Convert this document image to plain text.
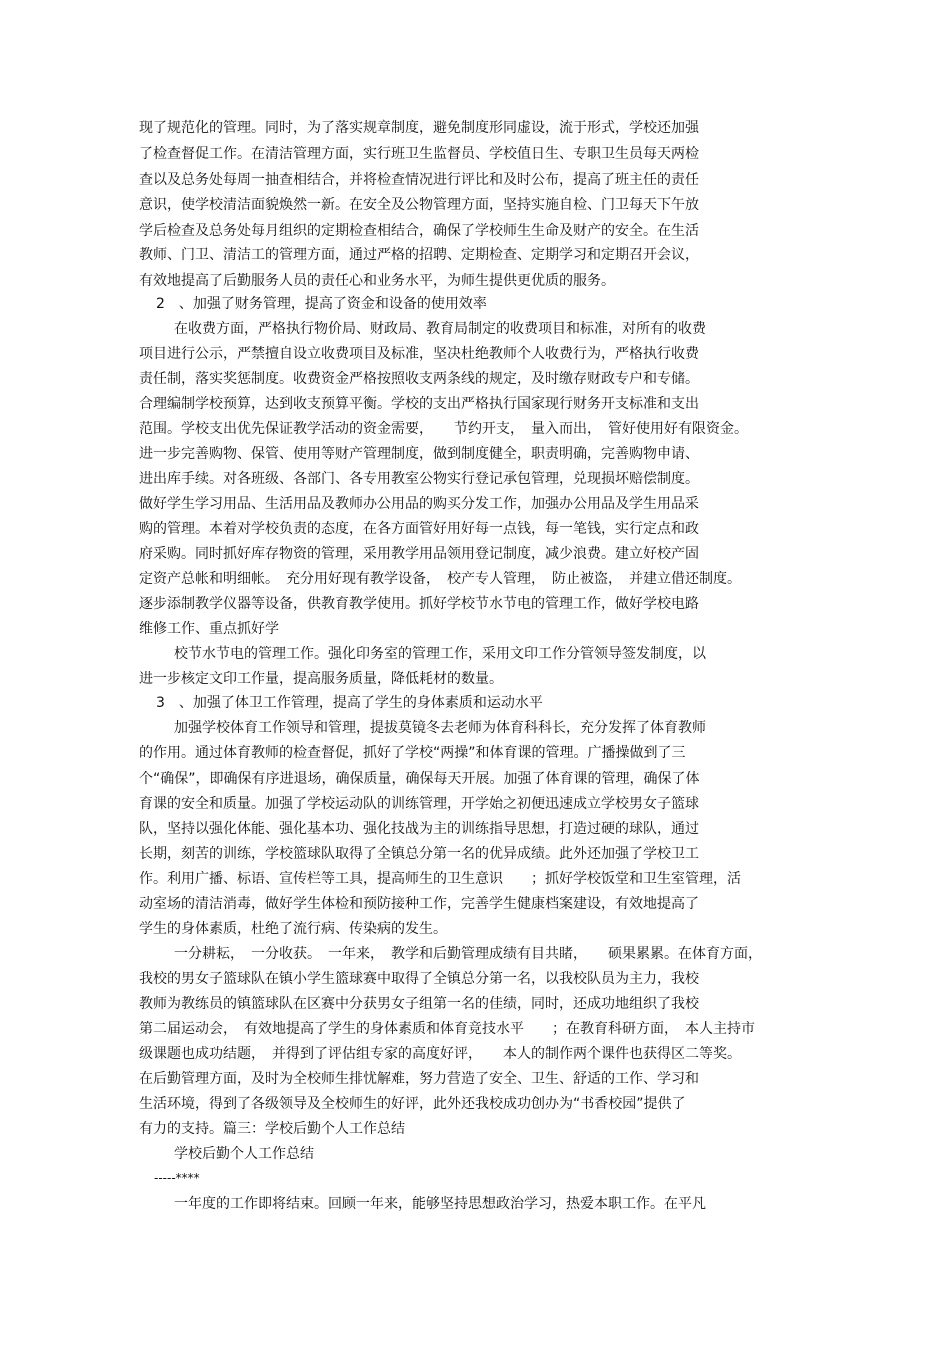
现了规范化的管理。同时，为了落实规章制度，避免制度形同虚设，流于形式，学校还加强
了检查督促工作。在清洁管理方面，实行班卫生监督员、学校值日生、专职卫生员每天两检
查以及总务处每周一抽查相结合，并将检查情况进行评比和及时公布，提高了班主任的责任
意识，使学校清洁面貌焕然一新。在安全及公物管理方面，坚持实施自检、门卫每天下午放
学后检查及总务处每月组织的定期检查相结合，确保了学校师生生命及财产的安全。在生活
教师、门卫、清洁工的管理方面，通过严格的招聘、定期检查、定期学习和定期召开会议，
有效地提高了后勤服务人员的责任心和业务水平，为师生提供更优质的服务。
2　、加强了财务管理，提高了资金和设备的使用效率
在收费方面，严格执行物价局、财政局、教育局制定的收费项目和标准，对所有的收费
项目进行公示，严禁擅自设立收费项目及标准，坚决杜绝教师个人收费行为，严格执行收费
责任制，落实奖惩制度。收费资金严格按照收支两条线的规定，及时缴存财政专户和专储。
合理编制学校预算，达到收支预算平衡。学校的支出严格执行国家现行财务开支标准和支出
范围。学校支出优先保证教学活动的资金需要，　　节约开支，　量入而出，　管好使用好有限资金。
进一步完善购物、保管、使用等财产管理制度，做到制度健全，职责明确，完善购物申请、
进出库手续。对各班级、各部门、各专用教室公物实行登记承包管理，兑现损坏赔偿制度。
做好学生学习用品、生活用品及教师办公用品的购买分发工作，加强办公用品及学生用品采
购的管理。本着对学校负责的态度，在各方面管好用好每一点钱，每一笔钱，实行定点和政
府采购。同时抓好库存物资的管理，采用教学用品领用登记制度，减少浪费。建立好校产固
定资产总帐和明细帐。　充分用好现有教学设备，　校产专人管理，　防止被盗，　并建立借还制度。
逐步添制教学仪器等设备，供教育教学使用。抓好学校节水节电的管理工作，做好学校电路
维修工作、重点抓好学
校节水节电的管理工作。强化印务室的管理工作，采用文印工作分管领导签发制度，以
进一步核定文印工作量，提高服务质量，降低耗材的数量。
3　、加强了体卫工作管理，提高了学生的身体素质和运动水平
加强学校体育工作领导和管理，提拔莫镜冬去老师为体育科科长，充分发挥了体育教师
的作用。通过体育教师的检查督促，抓好了学校“两操”和体育课的管理。广播操做到了三
个“确保”，即确保有序进退场，确保质量，确保每天开展。加强了体育课的管理，确保了体
育课的安全和质量。加强了学校运动队的训练管理，开学始之初便迅速成立学校男女子篮球
队，坚持以强化体能、强化基本功、强化技战为主的训练指导思想，打造过硬的球队，通过
长期，刻苦的训练，学校篮球队取得了全镇总分第一名的优异成绩。此外还加强了学校卫工
作。利用广播、标语、宣传栏等工具，提高师生的卫生意识　　；抓好学校饭堂和卫生室管理，活
动室场的清洁消毒，做好学生体检和预防接种工作，完善学生健康档案建设，有效地提高了
学生的身体素质，杜绝了流行病、传染病的发生。
一分耕耘，　一分收获。　一年来，　教学和后勤管理成绩有目共睹，　　硕果累累。在体育方面，
我校的男女子篮球队在镇小学生篮球赛中取得了全镇总分第一名，以我校队员为主力，我校
教师为教练员的镇篮球队在区赛中分获男女子组第一名的佳绩，同时，还成功地组织了我校
第二届运动会，　有效地提高了学生的身体素质和体育竞技水平　　；在教育科研方面，　本人主持市
级课题也成功结题，　并得到了评估组专家的高度好评，　　本人的制作两个课件也获得区二等奖。
在后勤管理方面，及时为全校师生排忧解难，努力营造了安全、卫生、舒适的工作、学习和
生活环境，得到了各级领导及全校师生的好评，此外还我校成功创办为“书香校园”提供了
有力的支持。篇三：学校后勤个人工作总结
学校后勤个人工作总结
-----****
一年度的工作即将结束。回顾一年来，能够坚持思想政治学习，热爱本职工作。在平凡
